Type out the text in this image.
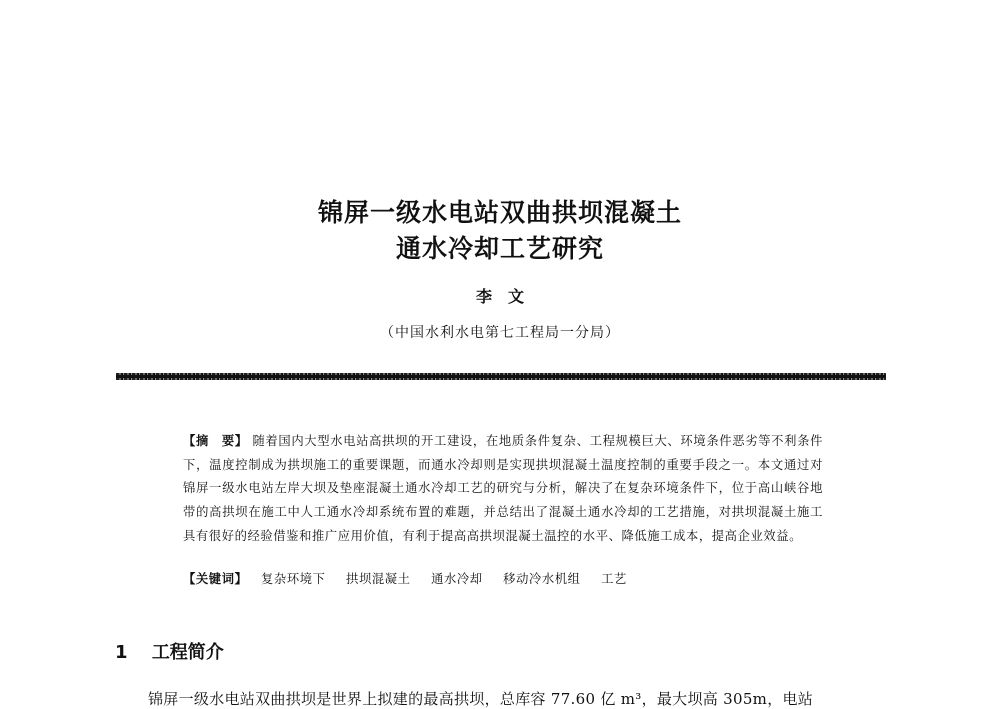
锦屏一级水电站双曲拱坝混凝土
通水冷却工艺研究
李　文
（中国水利水电第七工程局一分局）
【摘　要】 随着国内大型水电站高拱坝的开工建设，在地质条件复杂、工程规模巨大、环境条件恶劣等不利条件下，温度控制成为拱坝施工的重要课题，而通水冷却则是实现拱坝混凝土温度控制的重要手段之一。本文通过对锦屏一级水电站左岸大坝及垫座混凝土通水冷却工艺的研究与分析，解决了在复杂环境条件下，位于高山峡谷地带的高拱坝在施工中人工通水冷却系统布置的难题，并总结出了混凝土通水冷却的工艺措施，对拱坝混凝土施工具有很好的经验借鉴和推广应用价值，有利于提高高拱坝混凝土温控的水平、降低施工成本，提高企业效益。
【关键词】 复杂环境下 拱坝混凝土 通水冷却 移动冷水机组 工艺
1 工程简介
锦屏一级水电站双曲拱坝是世界上拟建的最高拱坝，总库容 77.60 亿 m³，最大坝高 305m，电站
